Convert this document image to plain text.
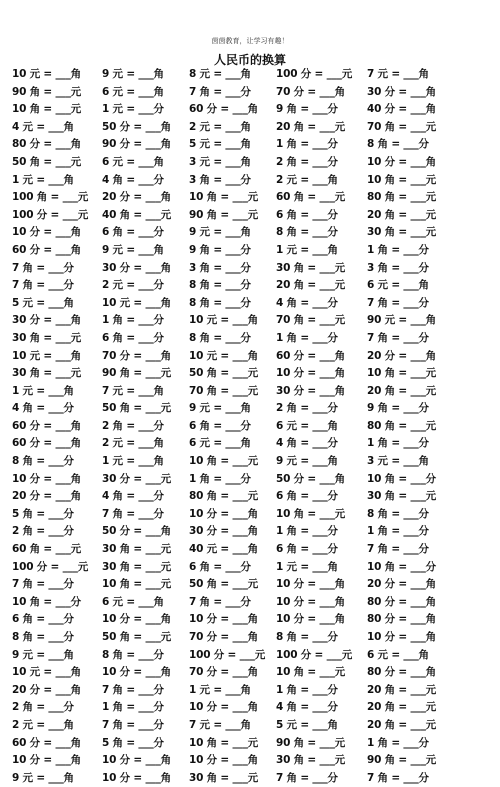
茵茵教育，让学习有趣！
人民币的换算
10 元 = ___角	9 元 = ___角	8 元 = ___角	100 分 = ___元	7 元 = ___角
90 角 = ___元	6 元 = ___角	7 角 = ___分	70 分 = ___角	30 分 = ___角
10 角 = ___元	1 元 = ___分	60 分 = ___角	9 角 = ___分	40 分 = ___角
4 元 = ___角	50 分 = ___角	2 元 = ___角	20 角 = ___元	70 角 = ___元
80 分 = ___角	90 分 = ___角	5 元 = ___角	1 角 = ___分	8 角 = ___分
50 角 = ___元	6 元 = ___角	3 元 = ___角	2 角 = ___分	10 分 = ___角
1 元 = ___角	4 角 = ___分	3 角 = ___分	2 元 = ___角	10 角 = ___元
100 角 = ___元	20 分 = ___角	10 角 = ___元	60 角 = ___元	80 角 = ___元
100 分 = ___元	40 角 = ___元	90 角 = ___元	6 角 = ___分	20 角 = ___元
10 分 = ___角	6 角 = ___分	9 元 = ___角	8 角 = ___分	30 角 = ___元
60 分 = ___角	9 元 = ___角	9 角 = ___分	1 元 = ___角	1 角 = ___分
7 角 = ___分	30 分 = ___角	3 角 = ___分	30 角 = ___元	3 角 = ___分
7 角 = ___分	2 元 = ___分	8 角 = ___分	20 角 = ___元	6 元 = ___角
5 元 = ___角	10 元 = ___角	8 角 = ___分	4 角 = ___分	7 角 = ___分
30 分 = ___角	1 角 = ___分	10 元 = ___角	70 角 = ___元	90 元 = ___角
30 角 = ___元	6 角 = ___分	8 角 = ___分	1 角 = ___分	7 角 = ___分
10 元 = ___角	70 分 = ___角	10 元 = ___角	60 分 = ___角	20 分 = ___角
30 角 = ___元	90 角 = ___元	50 角 = ___元	10 分 = ___角	10 角 = ___元
1 元 = ___角	7 元 = ___角	70 角 = ___元	30 分 = ___角	20 角 = ___元
4 角 = ___分	50 角 = ___元	9 元 = ___角	2 角 = ___分	9 角 = ___分
60 分 = ___角	2 角 = ___分	6 角 = ___分	6 元 = ___角	80 角 = ___元
60 分 = ___角	2 元 = ___角	6 元 = ___角	4 角 = ___分	1 角 = ___分
8 角 = ___分	1 元 = ___角	10 角 = ___元	9 元 = ___角	3 元 = ___角
10 分 = ___角	30 分 = ___元	1 角 = ___分	50 分 = ___角	10 角 = ___分
20 分 = ___角	4 角 = ___分	80 角 = ___元	6 角 = ___分	30 角 = ___元
5 角 = ___分	7 角 = ___分	10 分 = ___角	10 角 = ___元	8 角 = ___分
2 角 = ___分	50 分 = ___角	30 分 = ___角	1 角 = ___分	1 角 = ___分
60 角 = ___元	30 角 = ___元	40 元 = ___角	6 角 = ___分	7 角 = ___分
100 分 = ___元	30 角 = ___元	6 角 = ___分	1 元 = ___角	10 角 = ___分
7 角 = ___分	10 角 = ___元	50 角 = ___元	10 分 = ___角	20 分 = ___角
10 角 = ___分	6 元 = ___角	7 角 = ___分	10 分 = ___角	80 分 = ___角
6 角 = ___分	10 分 = ___角	10 分 = ___角	10 分 = ___角	80 分 = ___角
8 角 = ___分	50 角 = ___元	70 分 = ___角	8 角 = ___分	10 分 = ___角
9 元 = ___角	8 角 = ___分	100 分 = ___元	100 分 = ___元	6 元 = ___角
10 元 = ___角	10 分 = ___角	70 分 = ___角	10 角 = ___元	80 分 = ___角
20 分 = ___角	7 角 = ___分	1 元 = ___角	1 角 = ___分	20 角 = ___元
2 角 = ___分	1 角 = ___分	10 分 = ___角	4 角 = ___分	20 角 = ___元
2 元 = ___角	7 角 = ___分	7 元 = ___角	5 元 = ___角	20 角 = ___元
60 分 = ___角	5 角 = ___分	10 角 = ___元	90 角 = ___元	1 角 = ___分
10 分 = ___角	10 分 = ___角	10 分 = ___角	30 角 = ___元	90 角 = ___元
9 元 = ___角	10 分 = ___角	30 角 = ___元	7 角 = ___分	7 角 = ___分
